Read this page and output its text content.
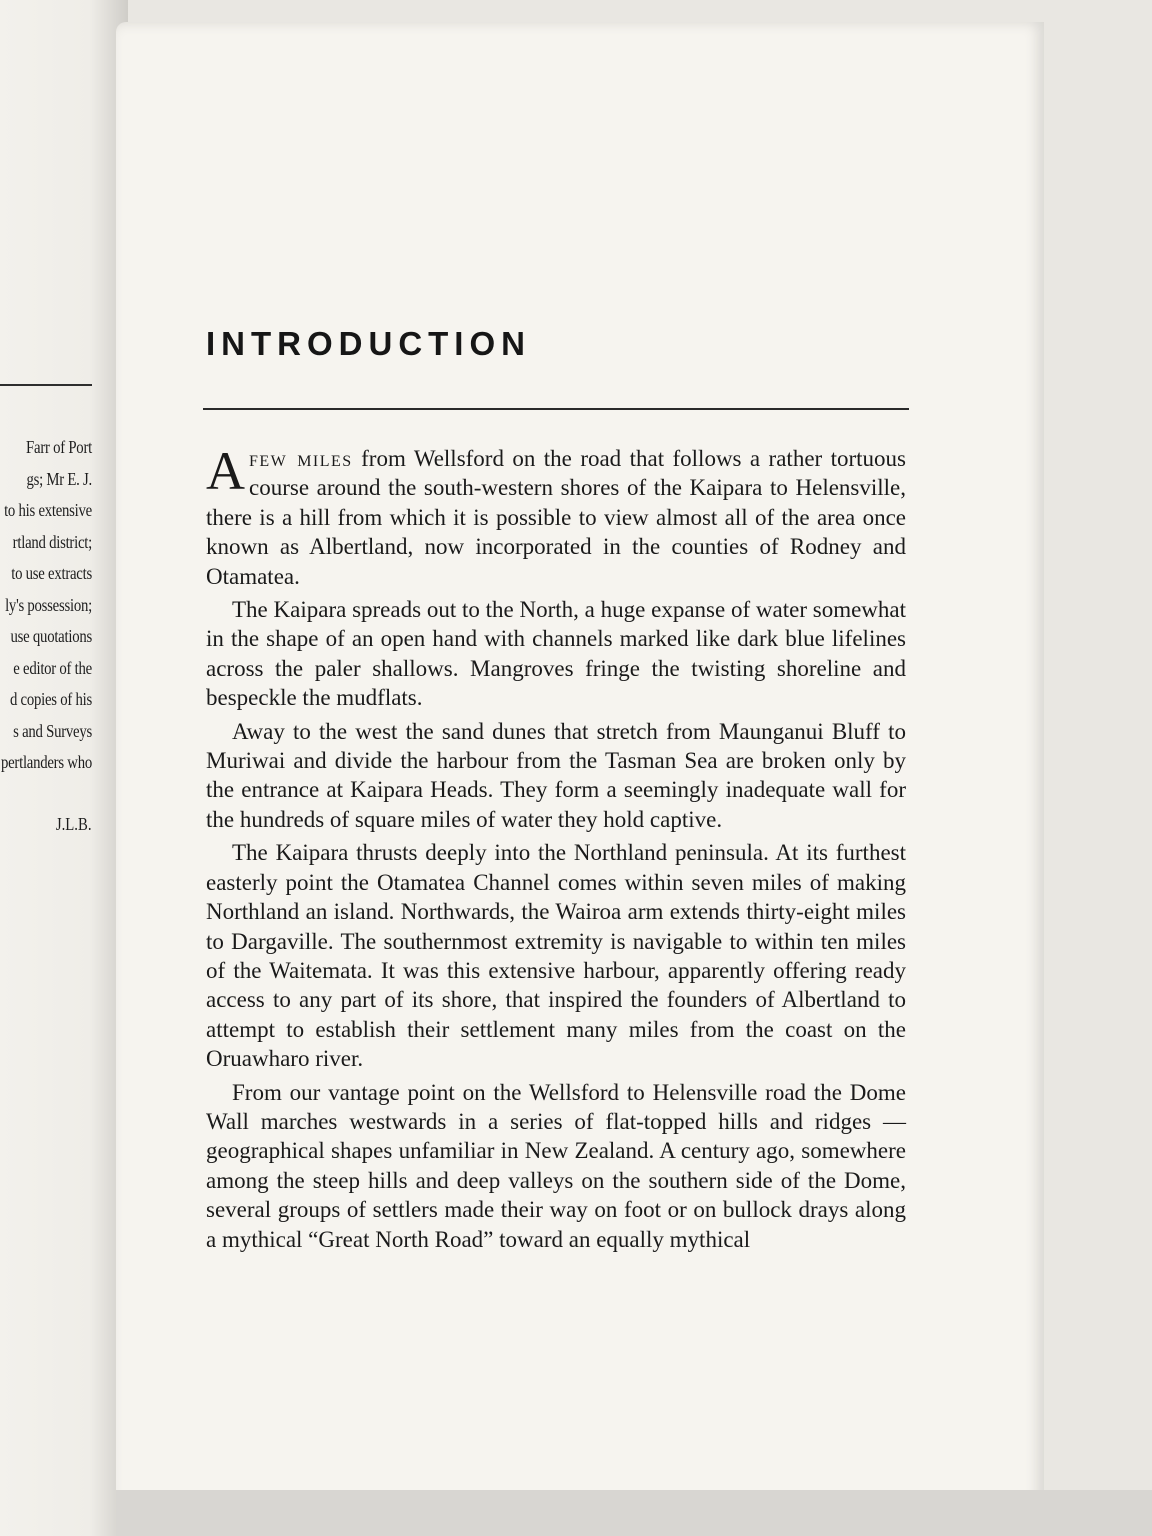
Farr of Port
gs; Mr E. J.
to his extensive
rtland district;
to use extracts
ly's possession;
use quotations
e editor of the
d copies of his
s and Surveys
pertlanders who
J.L.B.
INTRODUCTION

Afew miles from Wellsford on the road that follows a rather tortuous course around the south-western shores of the Kaipara to Helensville, there is a hill from which it is possible to view almost all of the area once known as Albertland, now incorporated in the counties of Rodney and Otamatea.

The Kaipara spreads out to the North, a huge expanse of water somewhat in the shape of an open hand with channels marked like dark blue lifelines across the paler shallows. Mangroves fringe the twisting shoreline and bespeckle the mudflats.

Away to the west the sand dunes that stretch from Maunganui Bluff to Muriwai and divide the harbour from the Tasman Sea are broken only by the entrance at Kaipara Heads. They form a seemingly inadequate wall for the hundreds of square miles of water they hold captive.

The Kaipara thrusts deeply into the Northland peninsula. At its furthest easterly point the Otamatea Channel comes within seven miles of making Northland an island. Northwards, the Wairoa arm extends thirty-eight miles to Dargaville. The southernmost extremity is navigable to within ten miles of the Waitemata. It was this extensive harbour, apparently offering ready access to any part of its shore, that inspired the founders of Albertland to attempt to establish their settlement many miles from the coast on the Oruawharo river.

From our vantage point on the Wellsford to Helensville road the Dome Wall marches westwards in a series of flat-topped hills and ridges — geographical shapes unfamiliar in New Zealand. A century ago, somewhere among the steep hills and deep valleys on the southern side of the Dome, several groups of settlers made their way on foot or on bullock drays along a mythical “Great North Road” toward an equally mythical
